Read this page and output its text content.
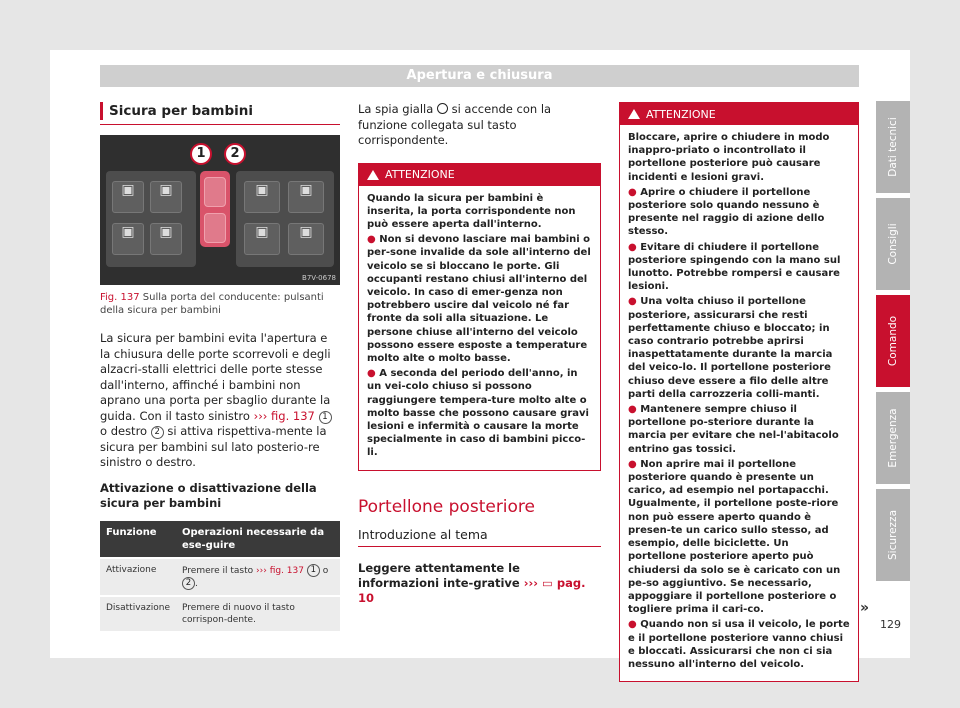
Apertura e chiusura
Sicura per bambini
▣
▣
▣
▣
▣	▣
▣	▣
1	2
B7V-0678
Fig. 137 Sulla porta del conducente: pulsanti della sicura per bambini
La sicura per bambini evita l'apertura e la chiusura delle porte scorrevoli e degli alzacri-stalli elettrici delle porte stesse dall'interno, affinché i bambini non aprano una porta per sbaglio durante la guida. Con il tasto sinistro ››› fig. 137 1 o destro 2 si attiva rispettiva-mente la sicura per bambini sul lato posterio-re sinistro o destro.
Attivazione o disattivazione della sicura per bambini
Funzione	Operazioni necessarie da ese-guire
Attivazione	Premere il tasto ››› fig. 137 1 o 2 .
Disattivazione	Premere di nuovo il tasto corrispon-dente.
La spia gialla  si accende con la funzione collegata sul tasto corrispondente.
ATTENZIONE

Quando la sicura per bambini è inserita, la porta corrispondente non può essere aperta dall'interno.

● Non si devono lasciare mai bambini o per-sone invalide da sole all'interno del veicolo se si bloccano le porte. Gli occupanti restano chiusi all'interno del veicolo. In caso di emer-genza non potrebbero uscire dal veicolo né far fronte da soli alla situazione. Le persone chiuse all'interno del veicolo possono essere esposte a temperature molto alte o molto basse.

● A seconda del periodo dell'anno, in un vei-colo chiuso si possono raggiungere tempera-ture molto alte o molto basse che possono causare gravi lesioni e infermità o causare la morte specialmente in caso di bambini picco-li.

Portellone posteriore
Introduzione al tema
Leggere attentamente le informazioni inte-grative ››› ▭ pag. 10
ATTENZIONE

Bloccare, aprire o chiudere in modo inappro-priato o incontrollato il portellone posteriore può causare incidenti e lesioni gravi.

● Aprire o chiudere il portellone posteriore solo quando nessuno è presente nel raggio di azione dello stesso.

● Evitare di chiudere il portellone posteriore spingendo con la mano sul lunotto. Potrebbe rompersi e causare lesioni.

● Una volta chiuso il portellone posteriore, assicurarsi che resti perfettamente chiuso e bloccato; in caso contrario potrebbe aprirsi inaspettatamente durante la marcia del veico-lo. Il portellone posteriore chiuso deve essere a filo delle altre parti della carrozzeria colli-manti.

● Mantenere sempre chiuso il portellone po-steriore durante la marcia per evitare che nel-l'abitacolo entrino gas tossici.

● Non aprire mai il portellone posteriore quando è presente un carico, ad esempio nel portapacchi. Ugualmente, il portellone poste-riore non può essere aperto quando è presen-te un carico sullo stesso, ad esempio, delle biciclette. Un portellone posteriore aperto può chiudersi da solo se è caricato con un pe-so aggiuntivo. Se necessario, appoggiare il portellone posteriore o togliere prima il cari-co.

● Quando non si usa il veicolo, le porte e il portellone posteriore vanno chiusi e bloccati. Assicurarsi che non ci sia nessuno all'interno del veicolo.

Dati tecnici
Consigli
Comando
Emergenza
Sicurezza
»
129
